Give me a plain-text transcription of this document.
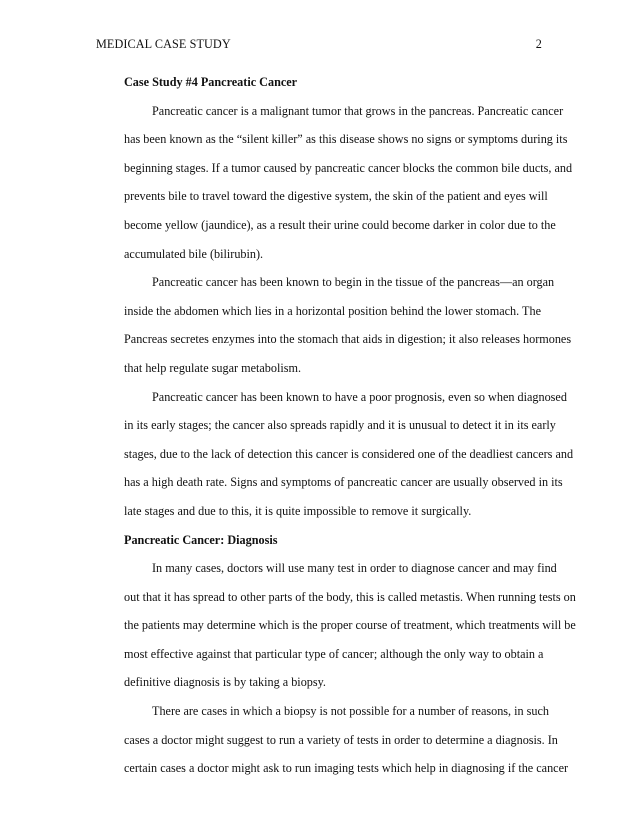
MEDICAL CASE STUDY	2
Case Study #4 Pancreatic Cancer
Pancreatic cancer is a malignant tumor that grows in the pancreas. Pancreatic cancer
has been known as the “silent killer” as this disease shows no signs or symptoms during its
beginning stages. If a tumor caused by pancreatic cancer blocks the common bile ducts, and
prevents bile to travel toward the digestive system, the skin of the patient and eyes will
become yellow (jaundice), as a result their urine could become darker in color due to the
accumulated bile (bilirubin).
Pancreatic cancer has been known to begin in the tissue of the pancreas—an organ
inside the abdomen which lies in a horizontal position behind the lower stomach. The
Pancreas secretes enzymes into the stomach that aids in digestion; it also releases hormones
that help regulate sugar metabolism.
Pancreatic cancer has been known to have a poor prognosis, even so when diagnosed
in its early stages; the cancer also spreads rapidly and it is unusual to detect it in its early
stages, due to the lack of detection this cancer is considered one of the deadliest cancers and
has a high death rate. Signs and symptoms of pancreatic cancer are usually observed in its
late stages and due to this, it is quite impossible to remove it surgically.
Pancreatic Cancer: Diagnosis
In many cases, doctors will use many test in order to diagnose cancer and may find
out that it has spread to other parts of the body, this is called metastis. When running tests on
the patients may determine which is the proper course of treatment, which treatments will be
most effective against that particular type of cancer; although the only way to obtain a
definitive diagnosis is by taking a biopsy.
There are cases in which a biopsy is not possible for a number of reasons, in such
cases a doctor might suggest to run a variety of tests in order to determine a diagnosis. In
certain cases a doctor might ask to run imaging tests which help in diagnosing if the cancer
